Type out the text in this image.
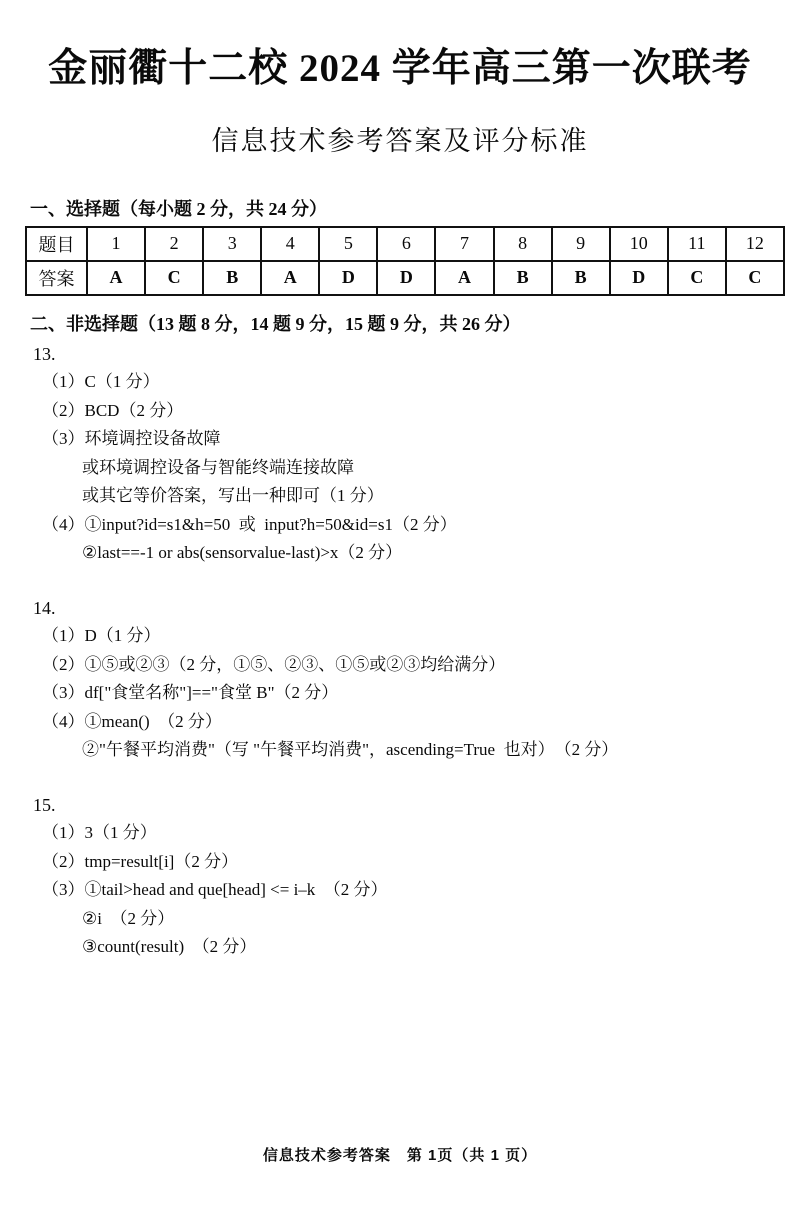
金丽衢十二校 2024 学年高三第一次联考
信息技术参考答案及评分标准
一、选择题（每小题 2 分，共 24 分）
题目	1	2	3	4	5	6	7	8	9	10	11	12
答案	A	C	B	A	D	D	A	B	B	D	C	C
二、非选择题（13 题 8 分，14 题 9 分，15 题 9 分，共 26 分）
13.
（1）C（1 分）
（2）BCD（2 分）
（3）环境调控设备故障
或环境调控设备与智能终端连接故障
或其它等价答案，写出一种即可（1 分）
（4）①input?id=s1&h=50  或  input?h=50&id=s1（2 分）
②last==-1 or abs(sensorvalue-last)>x（2 分）
14.
（1）D（1 分）
（2）①⑤或②③（2 分，①⑤、②③、①⑤或②③均给满分）
（3）df["食堂名称"]=="食堂 B"（2 分）
（4）①mean()　（2 分）
②"午餐平均消费"（写 "午餐平均消费"，ascending=True  也对）　（2 分）
15.
（1）3（1 分）
（2）tmp=result[i]（2 分）
（3）①tail>head and que[head] <= i–k　（2 分）
②i　（2 分）
③count(result)　（2 分）
信息技术参考答案　第 1页（共 1 页）
